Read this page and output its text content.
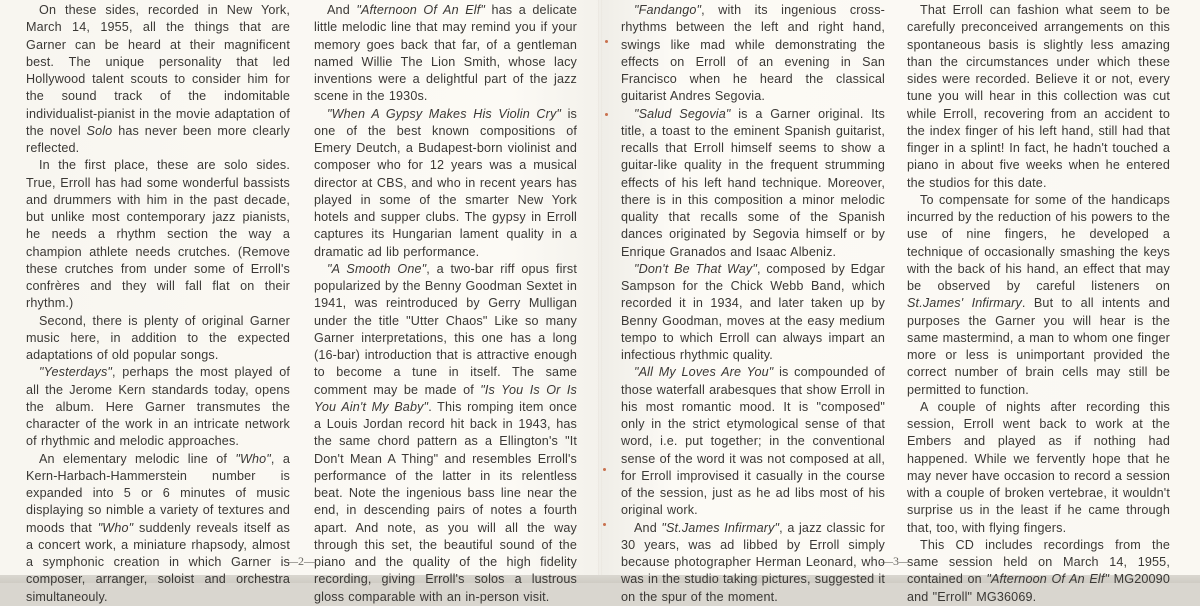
On these sides, recorded in New York, March 14, 1955, all the things that are Garner can be heard at their magnificent best. The unique personality that led Hollywood talent scouts to consider him for the sound track of the indomitable individualist-pianist in the movie adaptation of the novel Solo has never been more clearly reflected.

In the first place, these are solo sides. True, Erroll has had some wonderful bassists and drummers with him in the past decade, but unlike most contemporary jazz pianists, he needs a rhythm section the way a champion athlete needs crutches. (Remove these crutches from under some of Erroll's confrères and they will fall flat on their rhythm.)

Second, there is plenty of original Garner music here, in addition to the expected adaptations of old popular songs.

"Yesterdays", perhaps the most played of all the Jerome Kern standards today, opens the album. Here Garner transmutes the character of the work in an intricate network of rhythmic and melodic approaches.

An elementary melodic line of "Who", a Kern-Harbach-Hammerstein number is expanded into 5 or 6 minutes of music displaying so nimble a variety of textures and moods that "Who" suddenly reveals itself as a concert work, a miniature rhapsody, almost a symphonic creation in which Garner is composer, arranger, soloist and orchestra simultaneouly.

And "Afternoon Of An Elf" has a delicate little melodic line that may remind you if your memory goes back that far, of a gentleman named Willie The Lion Smith, whose lacy inventions were a delightful part of the jazz scene in the 1930s.

"When A Gypsy Makes His Violin Cry" is one of the best known compositions of Emery Deutch, a Budapest-born violinist and composer who for 12 years was a musical director at CBS, and who in recent years has played in some of the smarter New York hotels and supper clubs. The gypsy in Erroll captures its Hungarian lament quality in a dramatic ad lib performance.

"A Smooth One", a two-bar riff opus first popularized by the Benny Goodman Sextet in 1941, was reintroduced by Gerry Mulligan under the title "Utter Chaos" Like so many Garner interpretations, this one has a long (16-bar) introduction that is attractive enough to become a tune in itself. The same comment may be made of "Is You Is Or Is You Ain't My Baby". This romping item once a Louis Jordan record hit back in 1943, has the same chord pattern as a Ellington's "It Don't Mean A Thing" and resembles Erroll's performance of the latter in its relentless beat. Note the ingenious bass line near the end, in descending pairs of notes a fourth apart. And note, as you will all the way through this set, the beautiful sound of the piano and the quality of the high fidelity recording, giving Erroll's solos a lustrous gloss comparable with an in-person visit.

—2—

"Fandango", with its ingenious cross-rhythms between the left and right hand, swings like mad while demonstrating the effects on Erroll of an evening in San Francisco when he heard the classical guitarist Andres Segovia.

"Salud Segovia" is a Garner original. Its title, a toast to the eminent Spanish guitarist, recalls that Erroll himself seems to show a guitar-like quality in the frequent strumming effects of his left hand technique. Moreover, there is in this composition a minor melodic quality that recalls some of the Spanish dances originated by Segovia himself or by Enrique Granados and Isaac Albeniz.

"Don't Be That Way", composed by Edgar Sampson for the Chick Webb Band, which recorded it in 1934, and later taken up by Benny Goodman, moves at the easy medium tempo to which Erroll can always impart an infectious rhythmic quality.

"All My Loves Are You" is compounded of those waterfall arabesques that show Erroll in his most romantic mood. It is "composed" only in the strict etymological sense of that word, i.e. put together; in the conventional sense of the word it was not composed at all, for Erroll improvised it casually in the course of the session, just as he ad libs most of his original work.

And "St.James Infirmary", a jazz classic for 30 years, was ad libbed by Erroll simply because photographer Herman Leonard, who was in the studio taking pictures, suggested it on the spur of the moment.

That Erroll can fashion what seem to be carefully preconceived arrangements on this spontaneous basis is slightly less amazing than the circumstances under which these sides were recorded. Believe it or not, every tune you will hear in this collection was cut while Erroll, recovering from an accident to the index finger of his left hand, still had that finger in a splint! In fact, he hadn't touched a piano in about five weeks when he entered the studios for this date.

To compensate for some of the handicaps incurred by the reduction of his powers to the use of nine fingers, he developed a technique of occasionally smashing the keys with the back of his hand, an effect that may be observed by careful listeners on St.James' Infirmary. But to all intents and purposes the Garner you will hear is the same mastermind, a man to whom one finger more or less is unimportant provided the correct number of brain cells may still be permitted to function.

A couple of nights after recording this session, Erroll went back to work at the Embers and played as if nothing had happened. While we fervently hope that he may never have occasion to record a session with a couple of broken vertebrae, it wouldn't surprise us in the least if he came through that, too, with flying fingers.

This CD includes recordings from the same session held on March 14, 1955, contained on "Afternoon Of An Elf" MG20090 and "Erroll" MG36069.

—3—
